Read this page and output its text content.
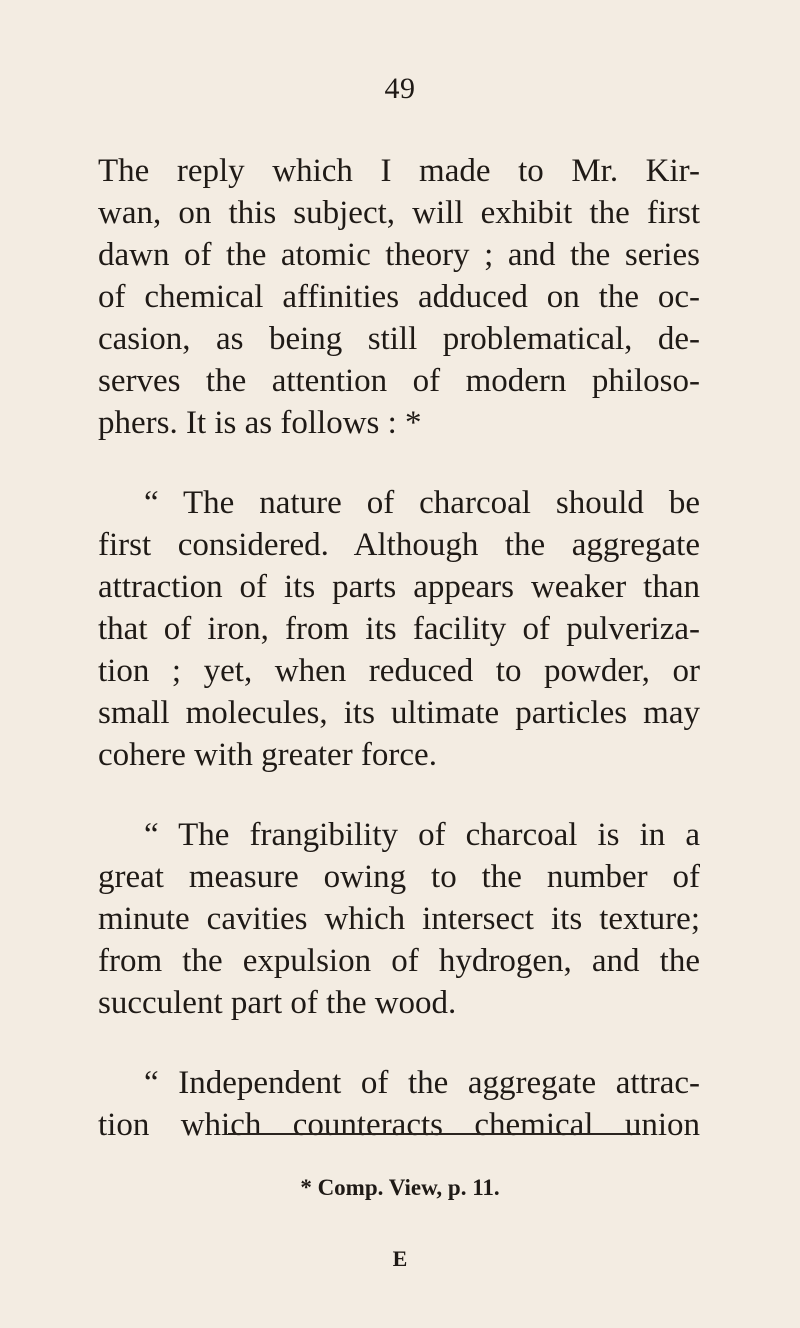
49
The reply which I made to Mr. Kir-
wan, on this subject, will exhibit the first
dawn of the atomic theory ; and the series
of chemical affinities adduced on the oc-
casion, as being still problematical, de-
serves the attention of modern philoso-
phers. It is as follows : *
“ The nature of charcoal should be
first considered. Although the aggregate
attraction of its parts appears weaker than
that of iron, from its facility of pulveriza-
tion ; yet, when reduced to powder, or
small molecules, its ultimate particles may
cohere with greater force.
“ The frangibility of charcoal is in a
great measure owing to the number of
minute cavities which intersect its texture;
from the expulsion of hydrogen, and the
succulent part of the wood.
“ Independent of the aggregate attrac-
tion which counteracts chemical union
* Comp. View, p. 11.
E
